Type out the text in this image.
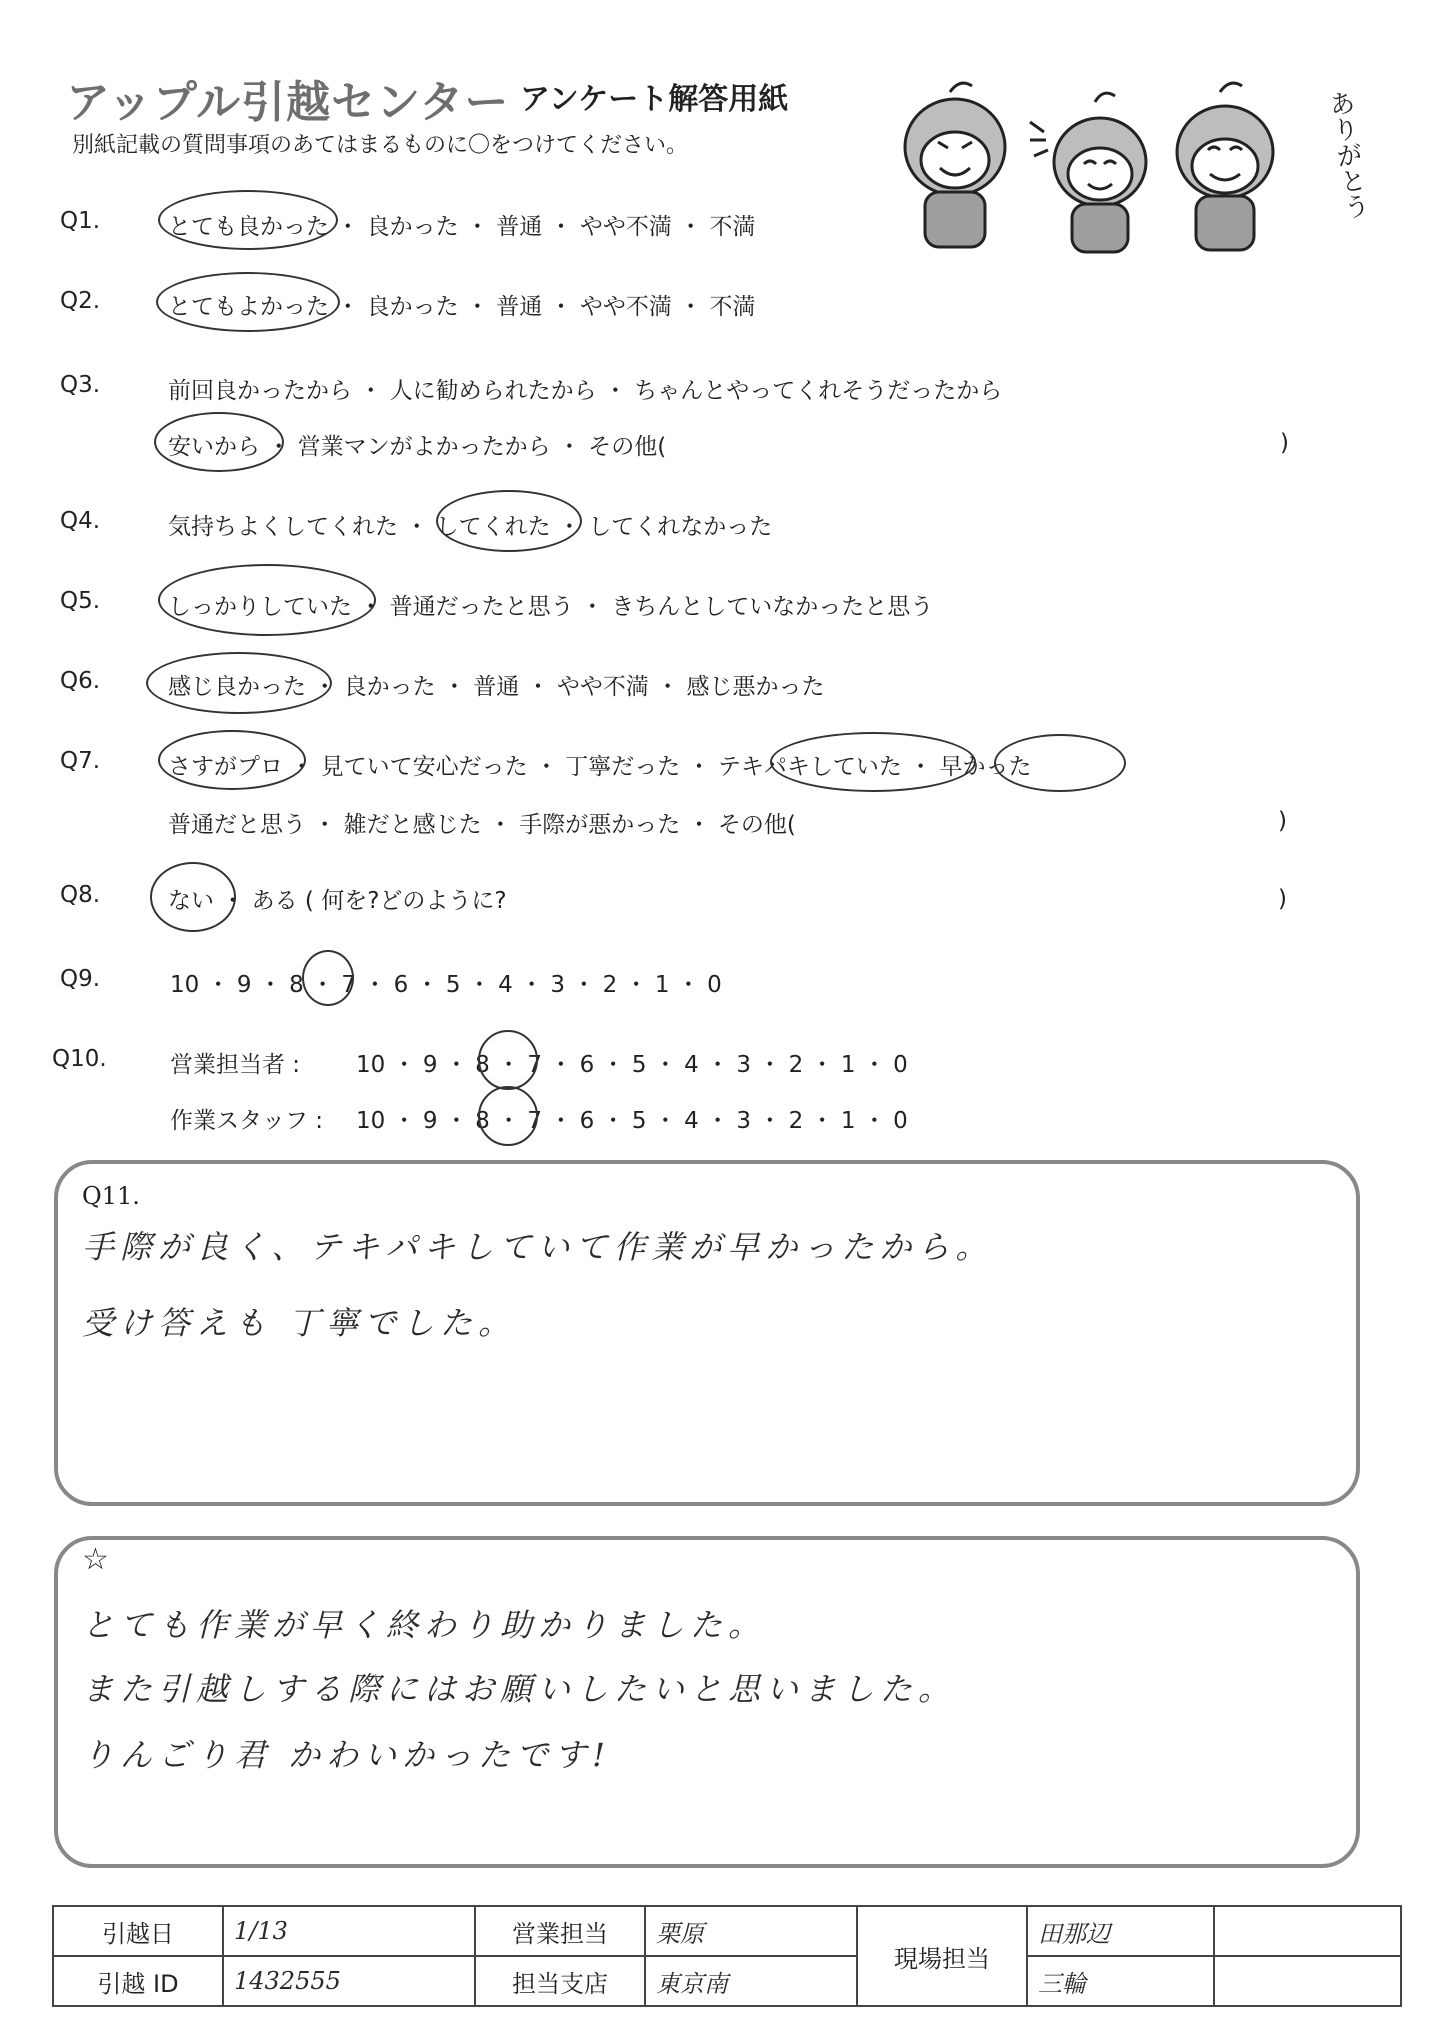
アップル引越センター アンケート解答用紙
別紙記載の質問事項のあてはまるものに〇をつけてください。	ありがとう
Q1.	とても良かった ・ 良かった ・ 普通 ・ やや不満 ・ 不満
Q2.	とてもよかった ・ 良かった ・ 普通 ・ やや不満 ・ 不満
Q3.	前回良かったから ・ 人に勧められたから ・ ちゃんとやってくれそうだったから
安いから ・ 営業マンがよかったから ・ その他(	)
Q4.	気持ちよくしてくれた ・ してくれた ・ してくれなかった
Q5.	しっかりしていた ・ 普通だったと思う ・ きちんとしていなかったと思う
Q6.	感じ良かった ・ 良かった ・ 普通 ・ やや不満 ・ 感じ悪かった
Q7.	さすがプロ ・ 見ていて安心だった ・ 丁寧だった ・ テキパキしていた ・ 早かった
普通だと思う ・ 雑だと感じた ・ 手際が悪かった ・ その他(	)
Q8.	ない ・ ある ( 何を?どのように?	)
Q9.	10 ・ 9 ・ 8 ・ 7 ・ 6 ・ 5 ・ 4 ・ 3 ・ 2 ・ 1 ・ 0
Q10.	営業担当者 : 10 ・ 9 ・ 8 ・ 7 ・ 6 ・ 5 ・ 4 ・ 3 ・ 2 ・ 1 ・ 0
作業スタッフ : 10 ・ 9 ・ 8 ・ 7 ・ 6 ・ 5 ・ 4 ・ 3 ・ 2 ・ 1 ・ 0
Q11.
手際が良く、テキパキしていて作業が早かったから。
受け答えも 丁寧でした。
☆
とても作業が早く終わり助かりました。
また引越しする際にはお願いしたいと思いました。
りんごり君 かわいかったです!
引越日	1/13	営業担当	栗原	現場担当	田那辺	
引越 ID	1432555	担当支店	東京南		三輪	
